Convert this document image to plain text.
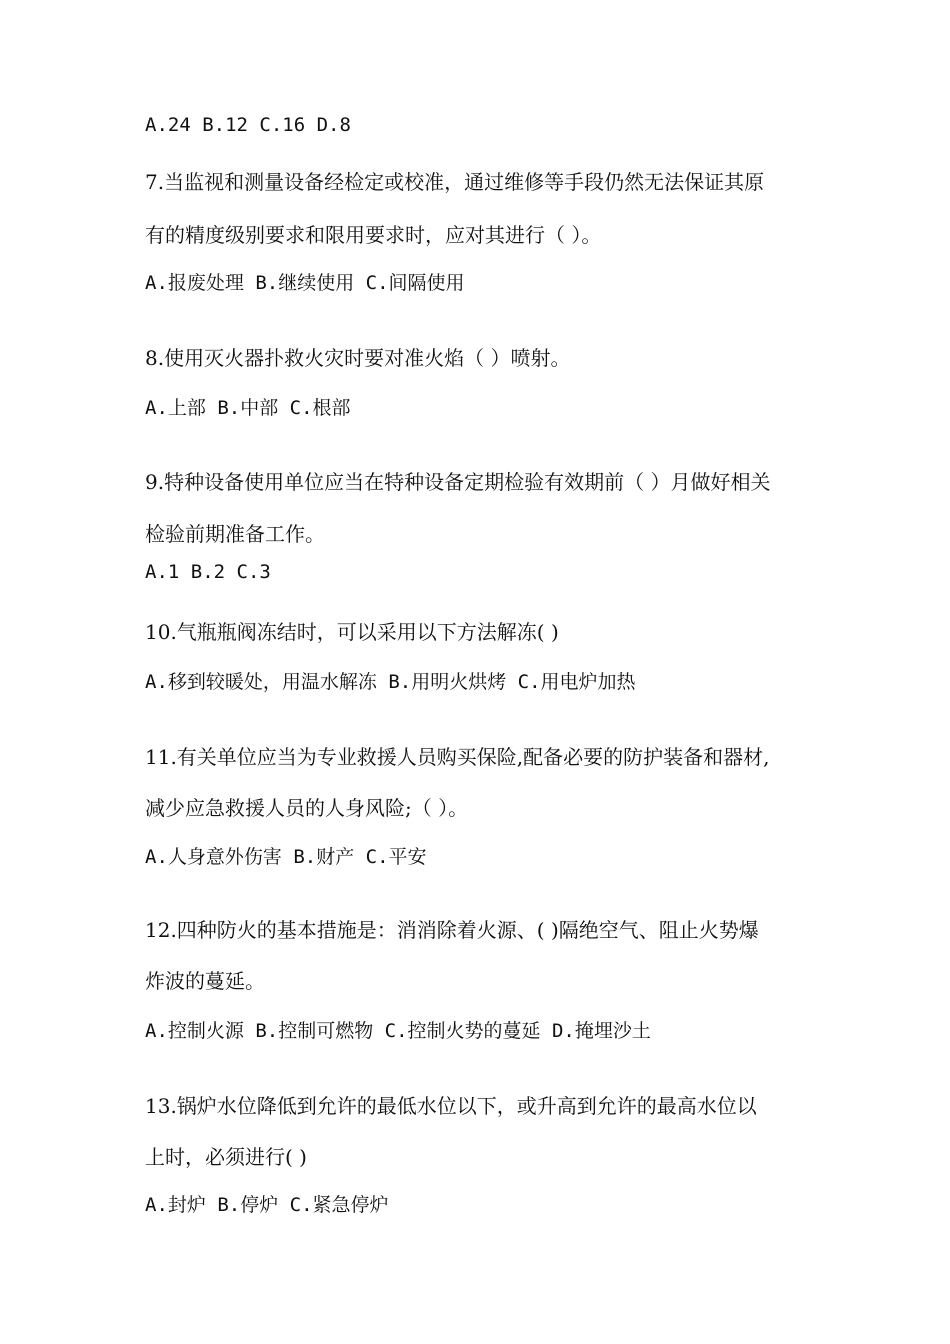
A.24 B.12 C.16 D.8
7.当监视和测量设备经检定或校准，通过维修等手段仍然无法保证其原
有的精度级别要求和限用要求时，应对其进行（ ）。
A.报废处理 B.继续使用 C.间隔使用
8.使用灭火器扑救火灾时要对准火焰（ ）喷射。
A.上部 B.中部 C.根部
9.特种设备使用单位应当在特种设备定期检验有效期前（ ）月做好相关
检验前期准备工作。
A.1 B.2 C.3
10.气瓶瓶阀冻结时，可以采用以下方法解冻( )
A.移到较暖处，用温水解冻 B.用明火烘烤 C.用电炉加热
11.有关单位应当为专业救援人员购买保险,配备必要的防护装备和器材,
减少应急救援人员的人身风险;（ ）。
A.人身意外伤害 B.财产 C.平安
12.四种防火的基本措施是：消消除着火源、( )隔绝空气、阻止火势爆
炸波的蔓延。
A.控制火源 B.控制可燃物 C.控制火势的蔓延 D.掩埋沙土
13.锅炉水位降低到允许的最低水位以下，或升高到允许的最高水位以
上时，必须进行( )
A.封炉 B.停炉 C.紧急停炉
